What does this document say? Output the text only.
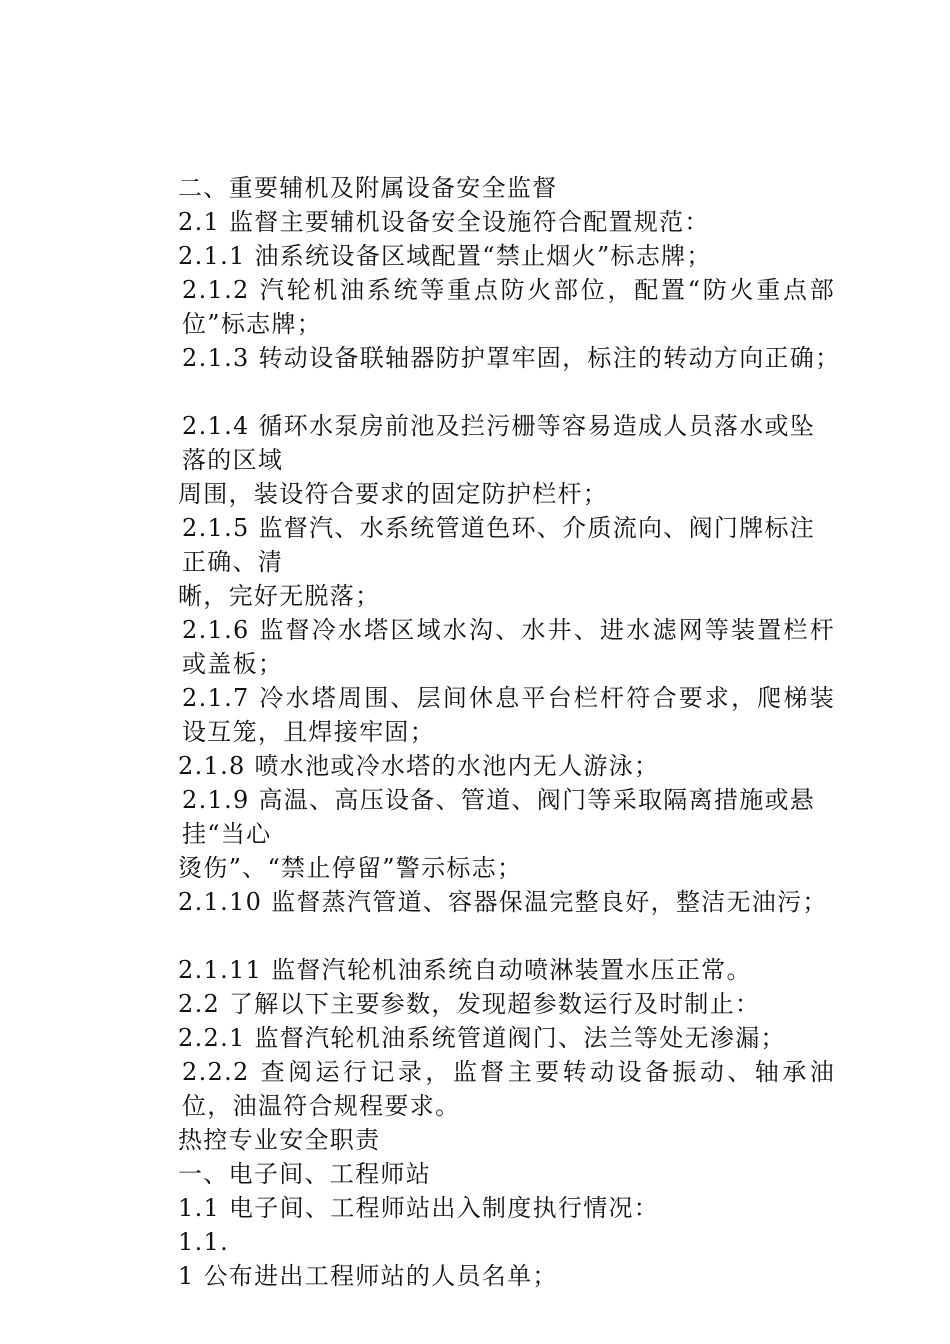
二、重要辅机及附属设备安全监督

2.1 监督主要辅机设备安全设施符合配置规范：

2.1.1 油系统设备区域配置“禁止烟火”标志牌；

2.1.2 汽轮机油系统等重点防火部位，配置“防火重点部位”标志牌；

2.1.3 转动设备联轴器防护罩牢固，标注的转动方向正确；

2.1.4 循环水泵房前池及拦污栅等容易造成人员落水或坠落的区域

周围，装设符合要求的固定防护栏杆；

2.1.5 监督汽、水系统管道色环、介质流向、阀门牌标注正确、清

晰，完好无脱落；

2.1.6 监督冷水塔区域水沟、水井、进水滤网等装置栏杆或盖板；

2.1.7 冷水塔周围、层间休息平台栏杆符合要求，爬梯装设互笼，且焊接牢固；

2.1.8 喷水池或冷水塔的水池内无人游泳；

2.1.9 高温、高压设备、管道、阀门等采取隔离措施或悬挂“当心

烫伤”、“禁止停留”警示标志；

2.1.10 监督蒸汽管道、容器保温完整良好，整洁无油污；

2.1.11 监督汽轮机油系统自动喷淋装置水压正常。

2.2 了解以下主要参数，发现超参数运行及时制止：

2.2.1 监督汽轮机油系统管道阀门、法兰等处无渗漏；

2.2.2 查阅运行记录，监督主要转动设备振动、轴承油位，油温符合规程要求。

热控专业安全职责

一、电子间、工程师站

1.1 电子间、工程师站出入制度执行情况：

1.1.

1 公布进出工程师站的人员名单；
